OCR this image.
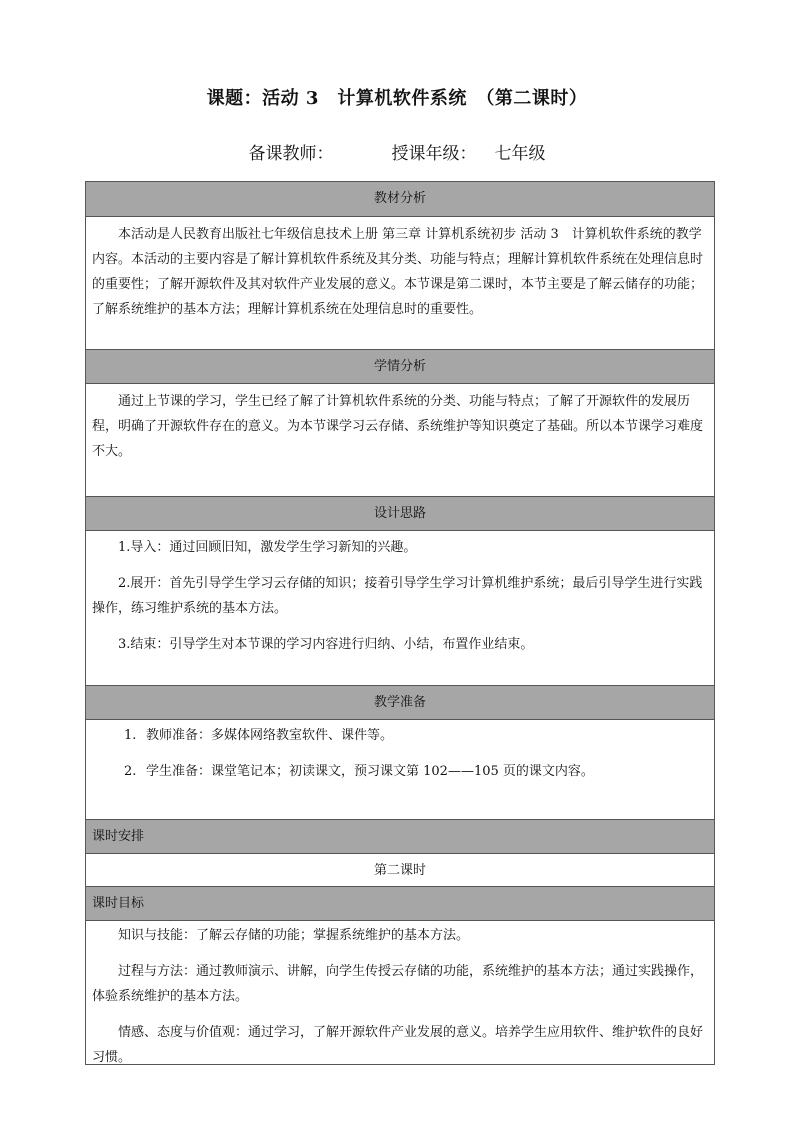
课题：活动 3　计算机软件系统　（第二课时）
备课教师：	授课年级： 七年级
教材分析

本活动是人民教育出版社七年级信息技术上册 第三章 计算机系统初步 活动 3　计算机软件系统的教学内容。本活动的主要内容是了解计算机软件系统及其分类、功能与特点；理解计算机软件系统在处理信息时的重要性；了解开源软件及其对软件产业发展的意义。本节课是第二课时，本节主要是了解云储存的功能；了解系统维护的基本方法；理解计算机系统在处理信息时的重要性。

学情分析

通过上节课的学习，学生已经了解了计算机软件系统的分类、功能与特点；了解了开源软件的发展历程，明确了开源软件存在的意义。为本节课学习云存储、系统维护等知识奠定了基础。所以本节课学习难度不大。

设计思路

1.导入：通过回顾旧知，激发学生学习新知的兴趣。

2.展开：首先引导学生学习云存储的知识；接着引导学生学习计算机维护系统；最后引导学生进行实践操作，练习维护系统的基本方法。

3.结束：引导学生对本节课的学习内容进行归纳、小结，布置作业结束。

教学准备

1. 教师准备：多媒体网络教室软件、课件等。

2. 学生准备：课堂笔记本；初读课文，预习课文第 102——105 页的课文内容。

课时安排
第二课时
课时目标

知识与技能：了解云存储的功能；掌握系统维护的基本方法。

过程与方法：通过教师演示、讲解，向学生传授云存储的功能，系统维护的基本方法；通过实践操作，体验系统维护的基本方法。

情感、态度与价值观：通过学习，了解开源软件产业发展的意义。培养学生应用软件、维护软件的良好习惯。
